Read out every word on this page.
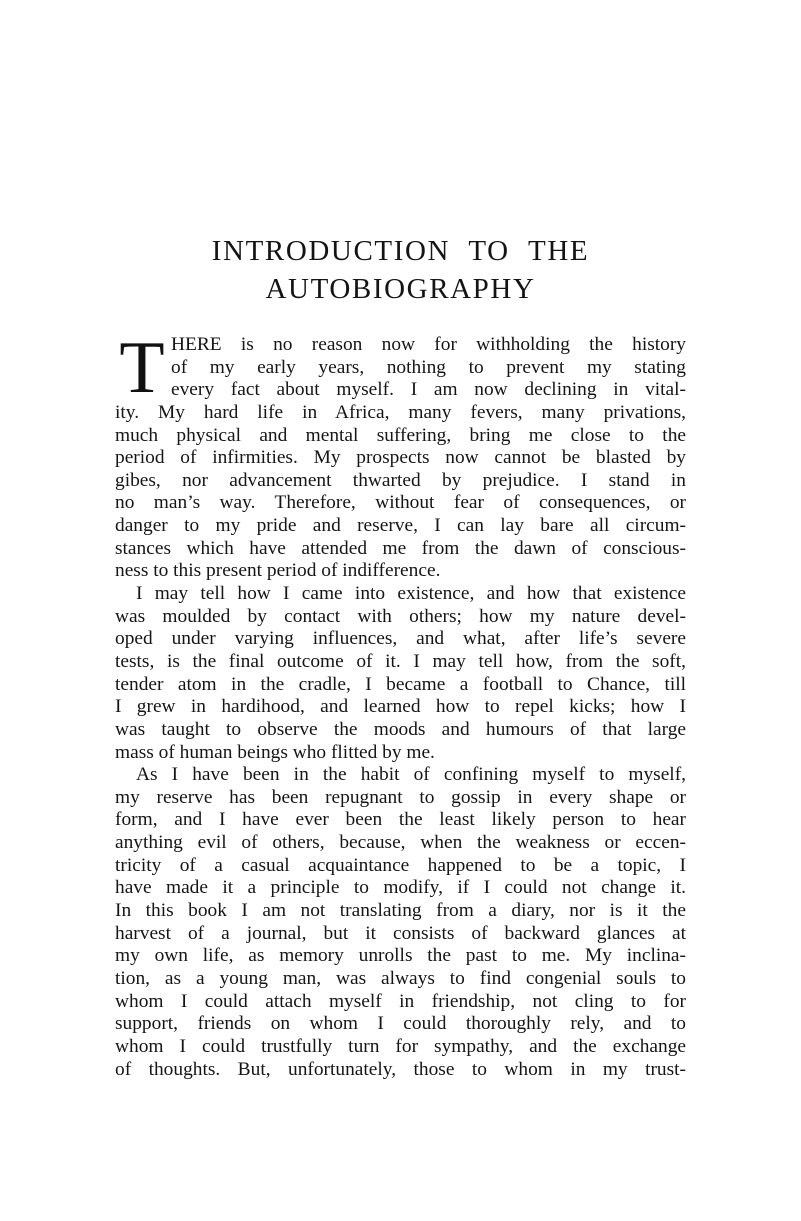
INTRODUCTION TO THE
AUTOBIOGRAPHY
T HERE is no reason now for withholding the history
of my early years, nothing to prevent my stating
every fact about myself. I am now declining in vital-
ity. My hard life in Africa, many fevers, many privations,
much physical and mental suffering, bring me close to the
period of infirmities. My prospects now cannot be blasted by
gibes, nor advancement thwarted by prejudice. I stand in
no man’s way. Therefore, without fear of consequences, or
danger to my pride and reserve, I can lay bare all circum-
stances which have attended me from the dawn of conscious-
ness to this present period of indifference.
I may tell how I came into existence, and how that existence
was moulded by contact with others; how my nature devel-
oped under varying influences, and what, after life’s severe
tests, is the final outcome of it. I may tell how, from the soft,
tender atom in the cradle, I became a football to Chance, till
I grew in hardihood, and learned how to repel kicks; how I
was taught to observe the moods and humours of that large
mass of human beings who flitted by me.
As I have been in the habit of confining myself to myself,
my reserve has been repugnant to gossip in every shape or
form, and I have ever been the least likely person to hear
anything evil of others, because, when the weakness or eccen-
tricity of a casual acquaintance happened to be a topic, I
have made it a principle to modify, if I could not change it.
In this book I am not translating from a diary, nor is it the
harvest of a journal, but it consists of backward glances at
my own life, as memory unrolls the past to me. My inclina-
tion, as a young man, was always to find congenial souls to
whom I could attach myself in friendship, not cling to for
support, friends on whom I could thoroughly rely, and to
whom I could trustfully turn for sympathy, and the exchange
of thoughts. But, unfortunately, those to whom in my trust-
